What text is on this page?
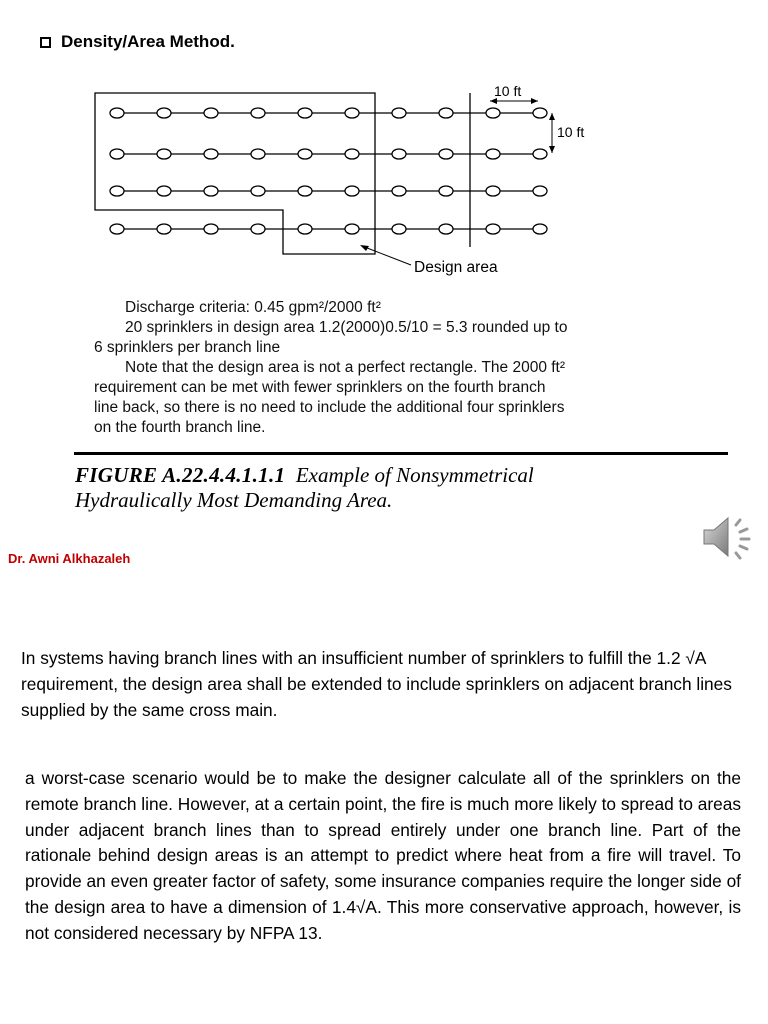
Density/Area Method.
10 ft
10 ft
Design area
Discharge criteria: 0.45 gpm²/2000 ft²
20 sprinklers in design area 1.2(2000)0.5/10 = 5.3 rounded up to
6 sprinklers per branch line
Note that the design area is not a perfect rectangle. The 2000 ft²
requirement can be met with fewer sprinklers on the fourth branch
line back, so there is no need to include the additional four sprinklers
on the fourth branch line.
FIGURE A.22.4.4.1.1.1 Example of Nonsymmetrical
Hydraulically Most Demanding Area.
Dr. Awni Alkhazaleh
In systems having branch lines with an insufficient number of sprinklers to fulfill the 1.2 √A requirement, the design area shall be extended to include sprinklers on adjacent branch lines supplied by the same cross main.
a worst-case scenario would be to make the designer calculate all of the sprinklers on the remote branch line. However, at a certain point, the fire is much more likely to spread to areas under adjacent branch lines than to spread entirely under one branch line. Part of the rationale behind design areas is an attempt to predict where heat from a fire will travel. To provide an even greater factor of safety, some insurance companies require the longer side of the design area to have a dimension of 1.4√A. This more conservative approach, however, is not considered necessary by NFPA 13.
